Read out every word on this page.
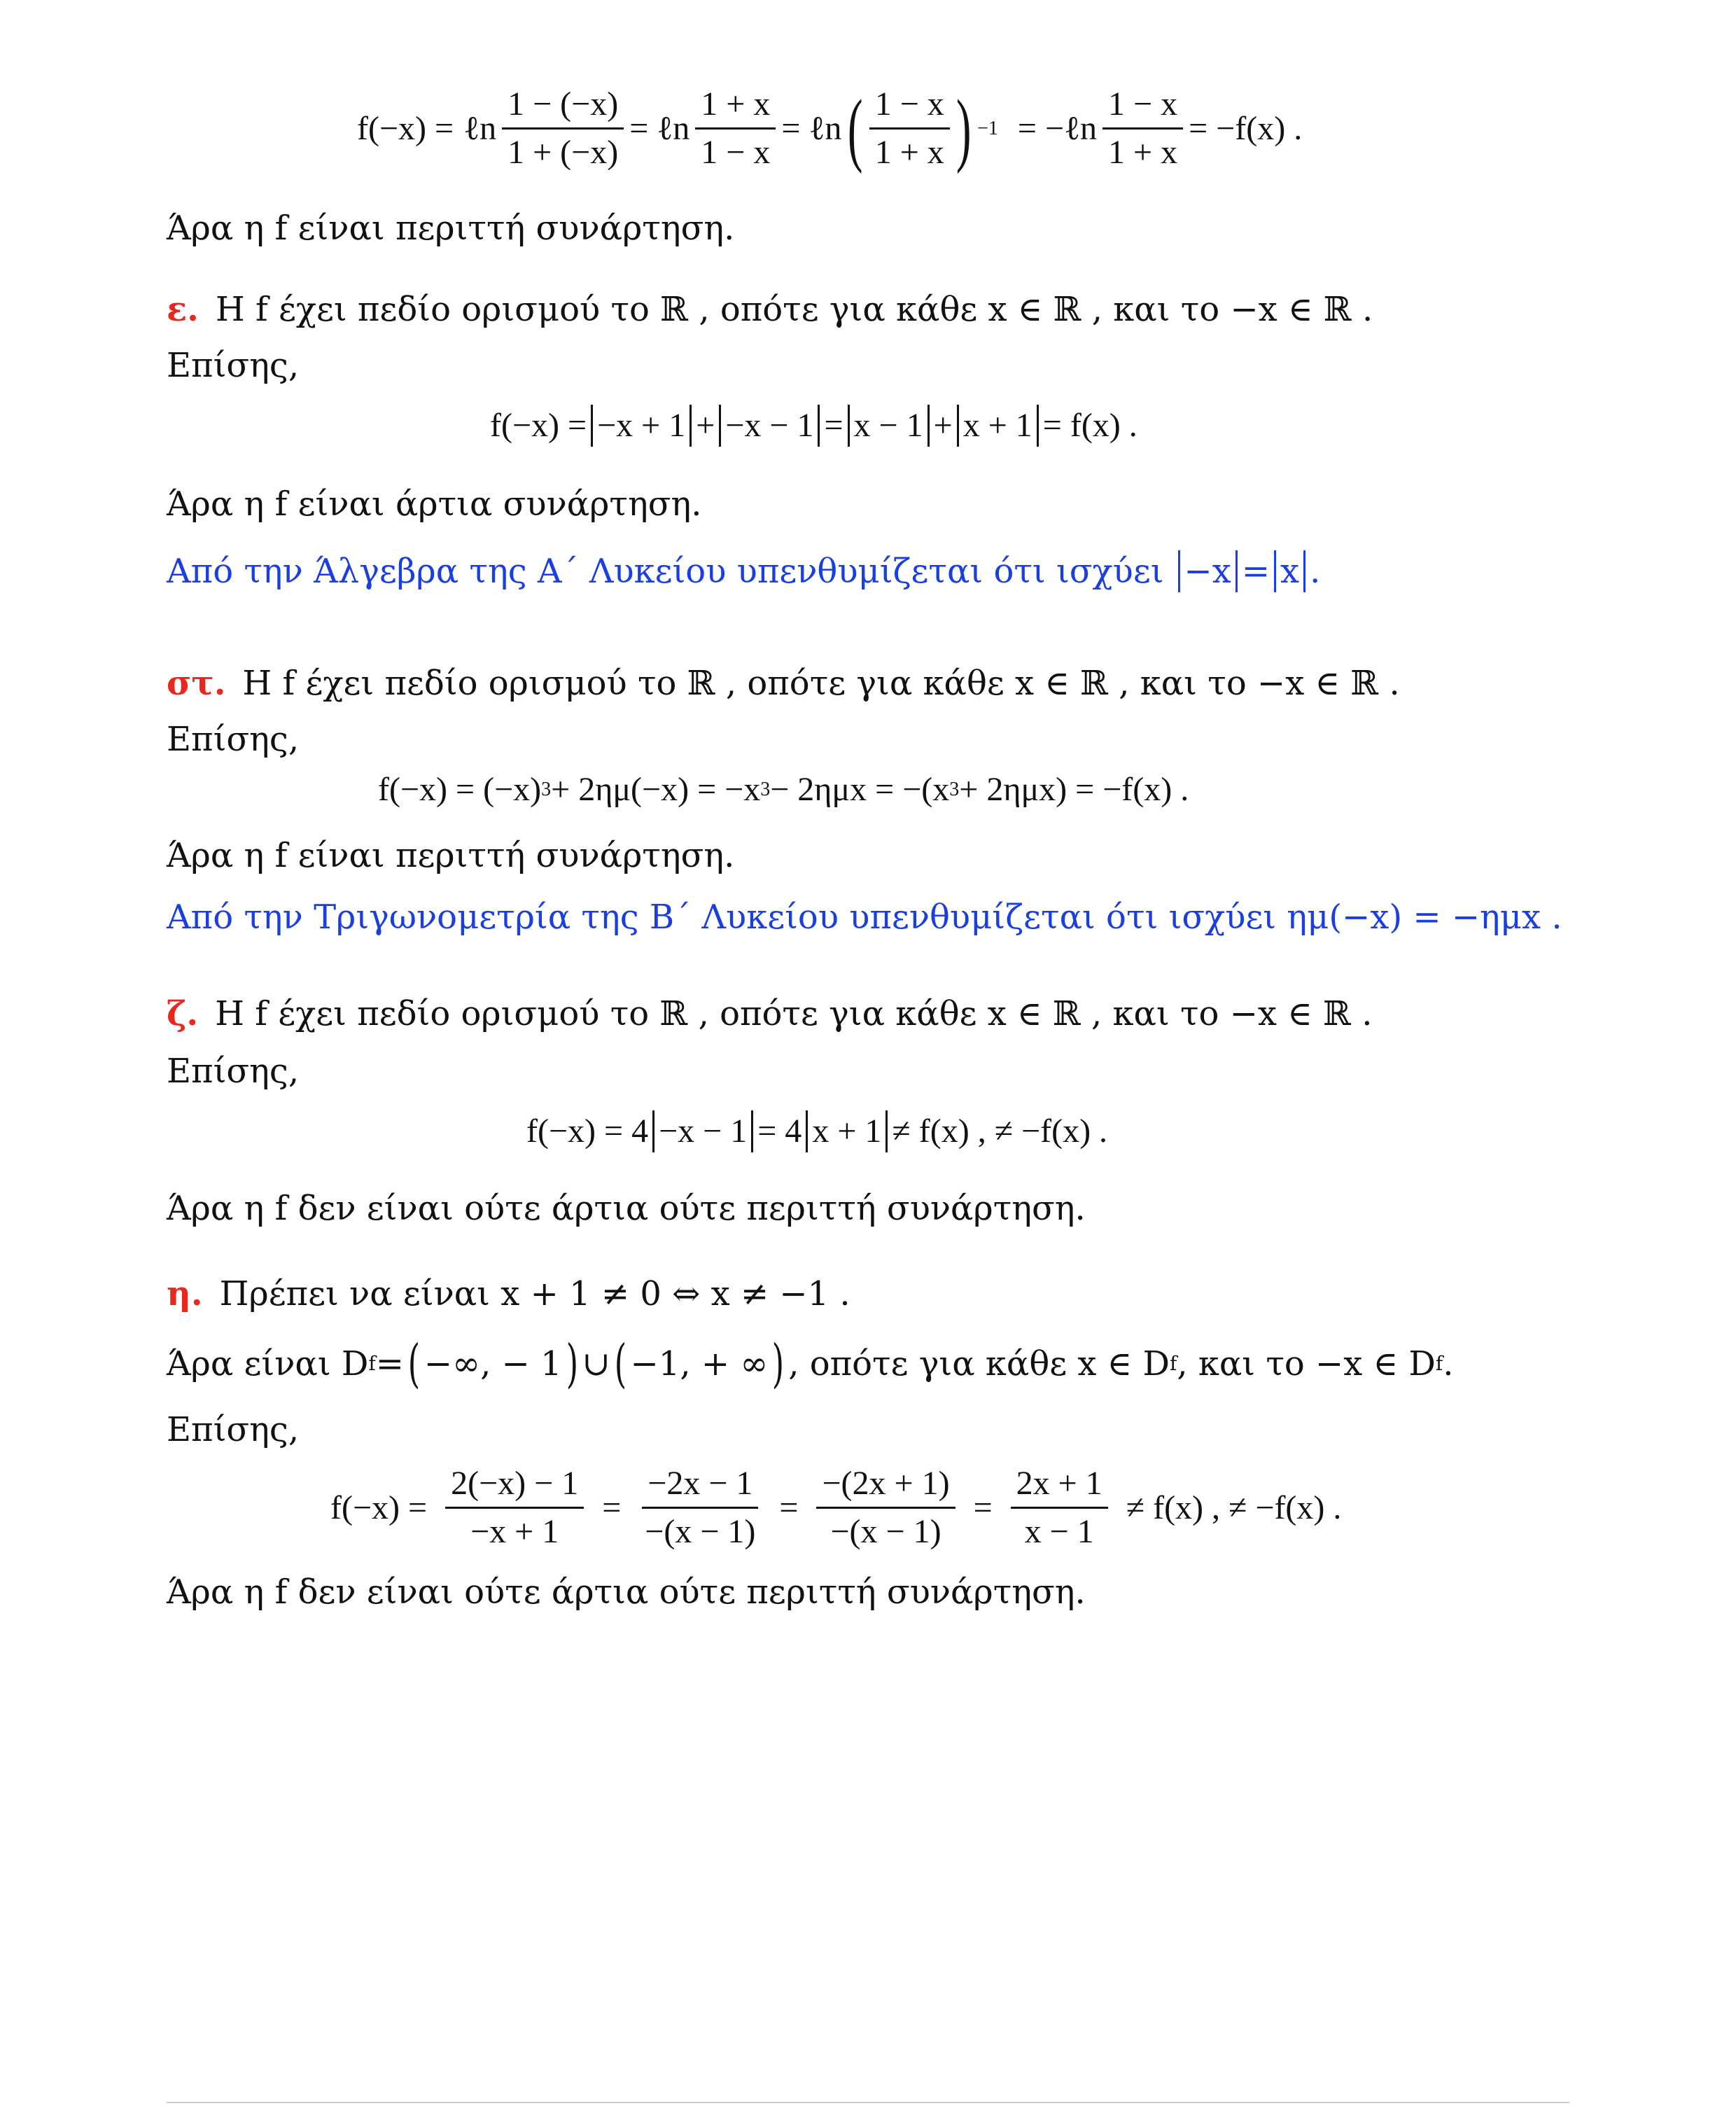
f(−x) = ℓn $\frac{1 - (-x)}{1 + (-x)}$ = ℓn $\frac{1 + x}{1 - x}$ = ℓn ( $\frac{1 - x}{1 + x}$ ) −1 = −ℓn $\frac{1 - x}{1 + x} = -f(x)$ .
Άρα η f είναι περιττή συνάρτηση.
ε. Η f έχει πεδίο ορισμού το ℝ , οπότε για κάθε x ∈ ℝ , και το −x ∈ ℝ .
Επίσης,
f(−x) = −x + 1 + −x − 1 = x − 1 + x + 1 = f(x) .
Άρα η f είναι άρτια συνάρτηση.
Από την Άλγεβρα της Α΄ Λυκείου υπενθυμίζεται ότι ισχύει −x = x .
στ. Η f έχει πεδίο ορισμού το ℝ , οπότε για κάθε x ∈ ℝ , και το −x ∈ ℝ .
Επίσης,
f(−x) = (−x) 3 + 2ημ(−x) = −x 3 − 2ημx = −(x 3 + 2ημx) = −f(x) .
Άρα η f είναι περιττή συνάρτηση.
Από την Τριγωνομετρία της Β΄ Λυκείου υπενθυμίζεται ότι ισχύει ημ(−x) = −ημx .
ζ. Η f έχει πεδίο ορισμού το ℝ , οπότε για κάθε x ∈ ℝ , και το −x ∈ ℝ .
Επίσης,
f(−x) = 4 −x − 1 = 4 x + 1 ≠ f(x) , ≠ −f(x) .
Άρα η f δεν είναι ούτε άρτια ούτε περιττή συνάρτηση.
η. Πρέπει να είναι x + 1 ≠ 0 ⇔ x ≠ −1 .
Άρα είναι D f = ( −∞, − 1 ) ∪ ( −1, + ∞ ) , οπότε για κάθε x ∈ D f , και το −x ∈ D f .
Επίσης,
$f(-x) = \frac{2(-x) - 1}{-x + 1} = \frac{-2x - 1}{-(x - 1)} = \frac{-(2x + 1)}{-(x - 1)} = \frac{2x + 1}{x - 1} \ne f(x)$ , ≠ −f(x) .
Άρα η f δεν είναι ούτε άρτια ούτε περιττή συνάρτηση.
